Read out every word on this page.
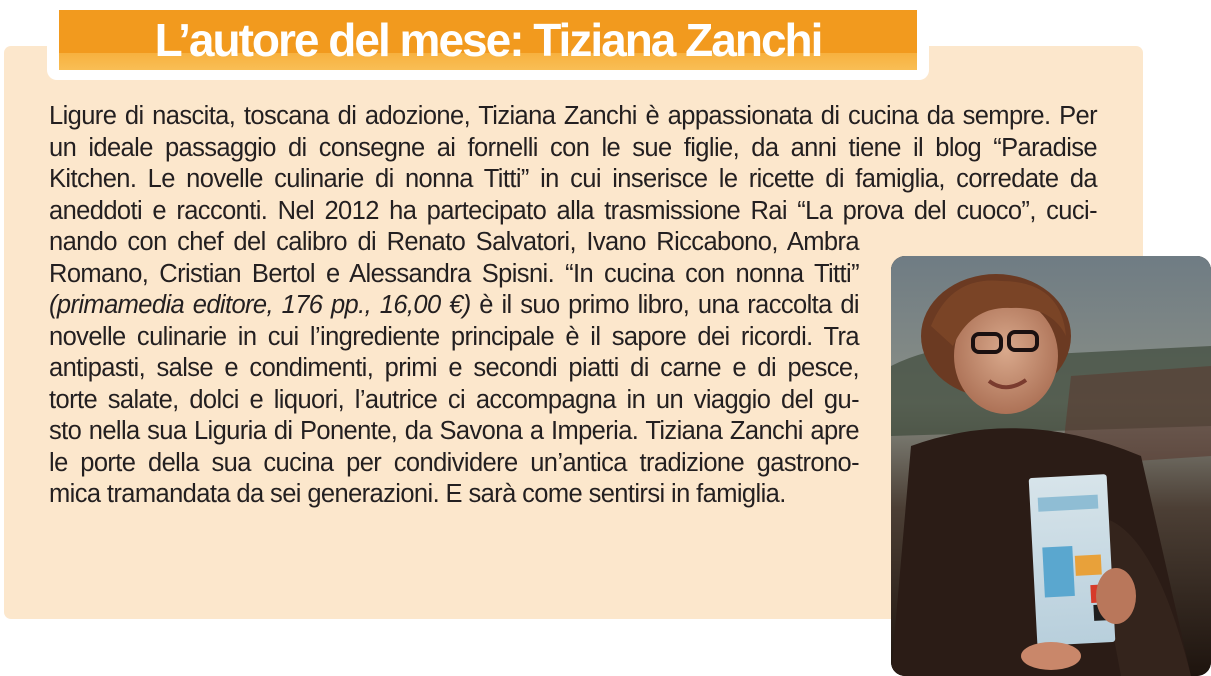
L’autore del mese: Tiziana Zanchi
Ligure di nascita, toscana di adozione, Tiziana Zanchi è appassionata di cucina da sempre. Per
un ideale passaggio di consegne ai fornelli con le sue figlie, da anni tiene il blog “Paradise
Kitchen. Le novelle culinarie di nonna Titti” in cui inserisce le ricette di famiglia, corredate da
aneddoti e racconti. Nel 2012 ha partecipato alla trasmissione Rai “La prova del cuoco”, cuci-
nando con chef del calibro di Renato Salvatori, Ivano Riccabono, Ambra
Romano, Cristian Bertol e Alessandra Spisni. “In cucina con nonna Titti”
(primamedia editore, 176 pp., 16,00 €) è il suo primo libro, una raccolta di
novelle culinarie in cui l’ingrediente principale è il sapore dei ricordi. Tra
antipasti, salse e condimenti, primi e secondi piatti di carne e di pesce,
torte salate, dolci e liquori, l’autrice ci accompagna in un viaggio del gu-
sto nella sua Liguria di Ponente, da Savona a Imperia. Tiziana Zanchi apre
le porte della sua cucina per condividere un’antica tradizione gastrono-
mica tramandata da sei generazioni. E sarà come sentirsi in famiglia.
